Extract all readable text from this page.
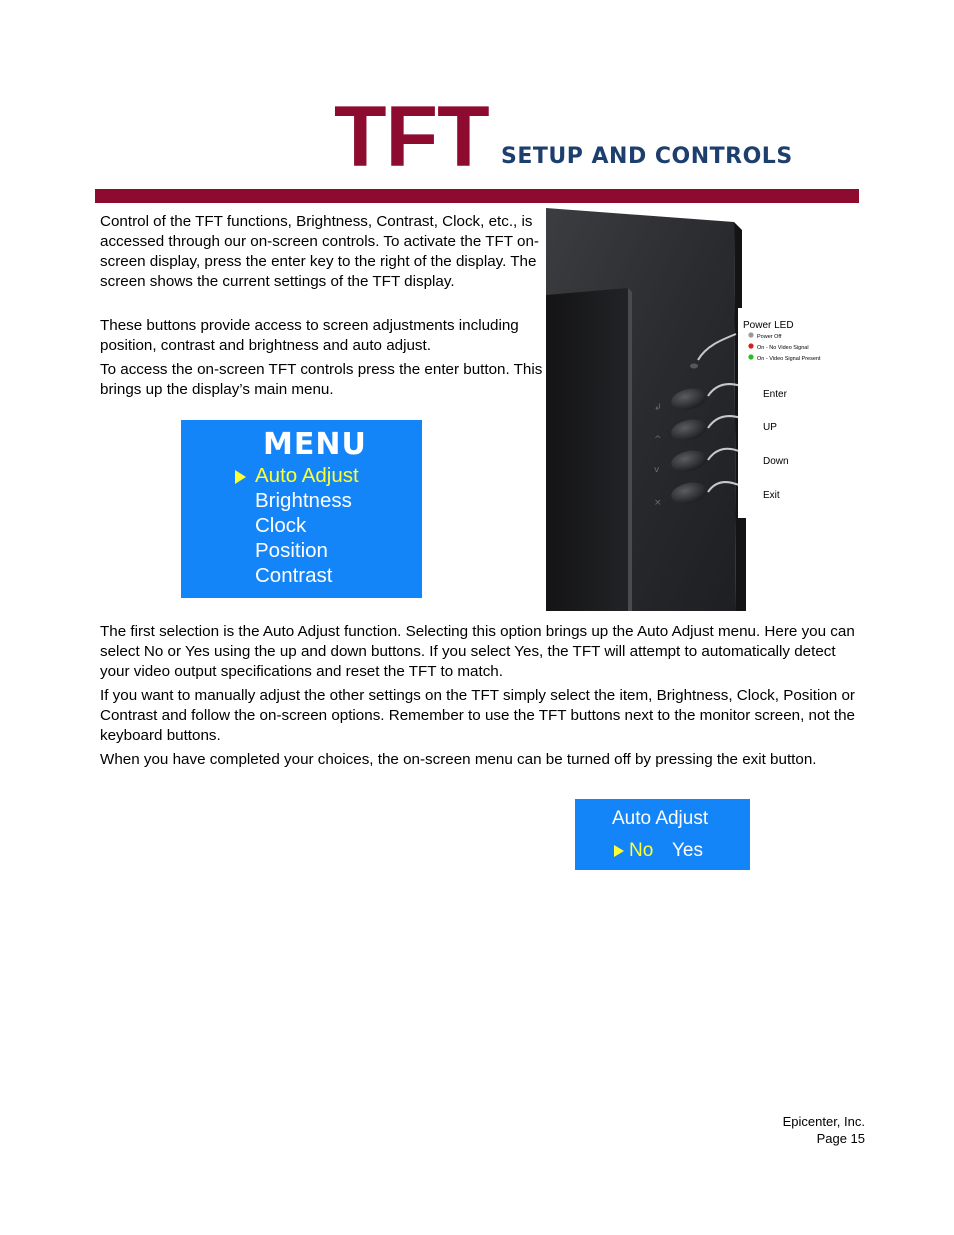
TFT SETUP AND CONTROLS

Control of the TFT functions, Brightness, Contrast, Clock, etc., is accessed through our on-screen controls. To activate the TFT on-screen display, press the enter key to the right of the display. The screen shows the current settings of the TFT display.

These buttons provide access to screen adjustments including position, contrast and brightness and auto adjust.

To access the on-screen TFT controls press the enter button. This brings up the display’s main menu.

MENU
Auto Adjust
Brightness
Clock
Position
Contrast
↲
^
v
×
Power LED
Power Off
On - No Video Signal
On - Video Signal Present
Enter
UP
Down
Exit

The first selection is the Auto Adjust function. Selecting this option brings up the Auto Adjust menu. Here you can select No or Yes using the up and down buttons. If you select Yes, the TFT will attempt to automatically detect your video output specifications and reset the TFT to match.

If you want to manually adjust the other settings on the TFT simply select the item, Brightness, Clock, Position or Contrast and follow the on-screen options. Remember to use the TFT buttons next to the monitor screen, not the keyboard buttons.

When you have completed your choices, the on-screen menu can be turned off by pressing the exit button.

Auto Adjust
No Yes
Epicenter, Inc.
Page 15
